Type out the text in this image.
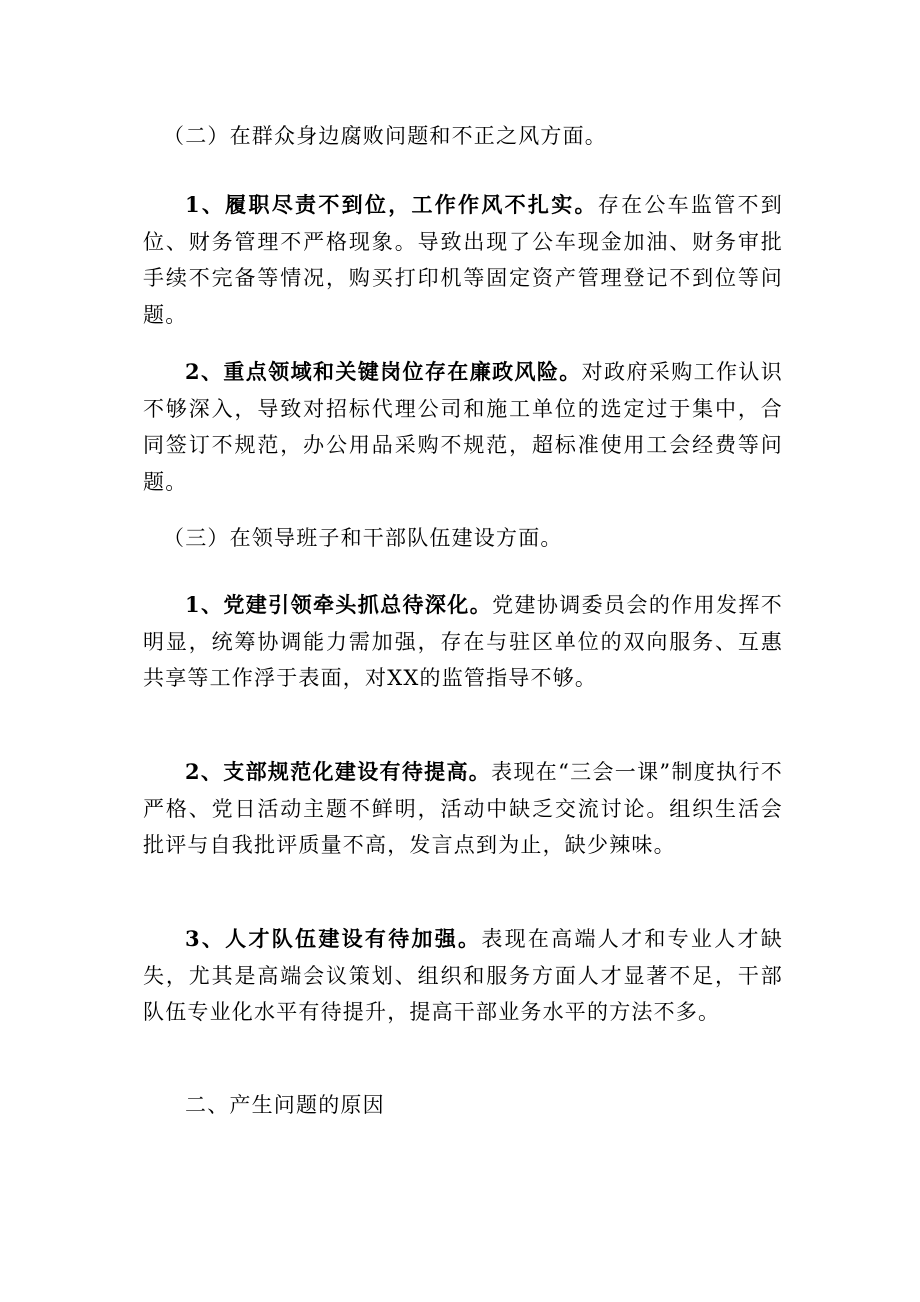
（二）在群众身边腐败问题和不正之风方面。

1、履职尽责不到位，工作作风不扎实。存在公车监管不到位、财务管理不严格现象。导致出现了公车现金加油、财务审批手续不完备等情况，购买打印机等固定资产管理登记不到位等问题。

2、重点领域和关键岗位存在廉政风险。对政府采购工作认识不够深入，导致对招标代理公司和施工单位的选定过于集中，合同签订不规范，办公用品采购不规范，超标准使用工会经费等问题。

（三）在领导班子和干部队伍建设方面。

1、党建引领牵头抓总待深化。党建协调委员会的作用发挥不明显，统筹协调能力需加强，存在与驻区单位的双向服务、互惠共享等工作浮于表面，对XX的监管指导不够。

2、支部规范化建设有待提高。表现在“三会一课”制度执行不严格、党日活动主题不鲜明，活动中缺乏交流讨论。组织生活会批评与自我批评质量不高，发言点到为止，缺少辣味。

3、人才队伍建设有待加强。表现在高端人才和专业人才缺失，尤其是高端会议策划、组织和服务方面人才显著不足，干部队伍专业化水平有待提升，提高干部业务水平的方法不多。

二、产生问题的原因
